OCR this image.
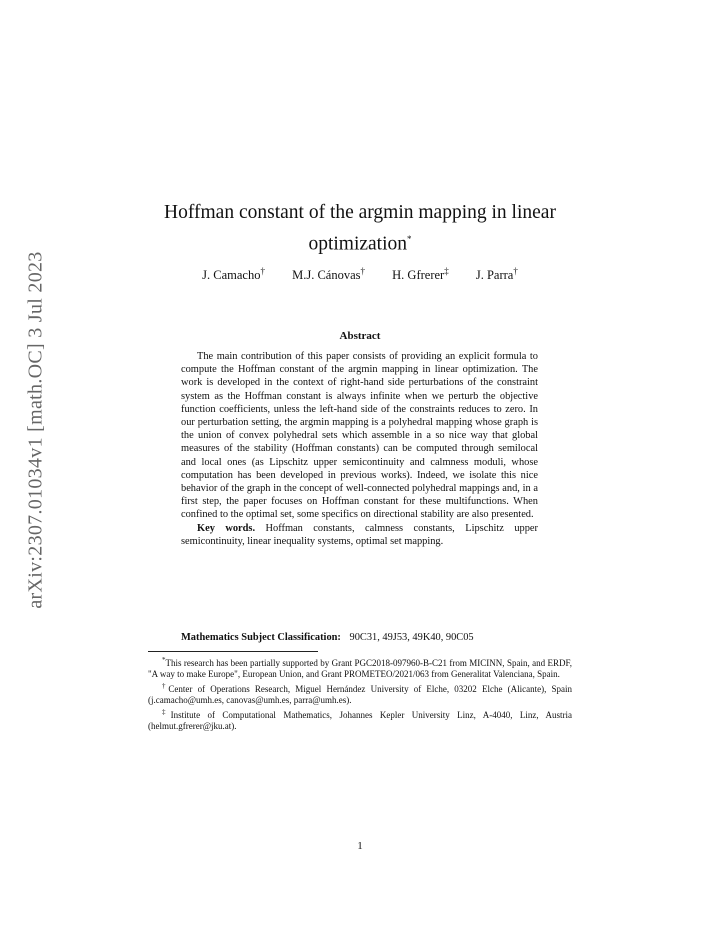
arXiv:2307.01034v1 [math.OC] 3 Jul 2023
Hoffman constant of the argmin mapping in linear
optimization*
J. Camacho† M.J. Cánovas† H. Gfrerer‡ J. Parra†
Abstract

The main contribution of this paper consists of providing an explicit formula to compute the Hoffman constant of the argmin mapping in linear optimization. The work is developed in the context of right-hand side perturbations of the constraint system as the Hoffman constant is always infinite when we perturb the objective function coefficients, unless the left-hand side of the constraints reduces to zero. In our perturbation setting, the argmin mapping is a polyhedral mapping whose graph is the union of convex polyhedral sets which assemble in a so nice way that global measures of the stability (Hoffman constants) can be computed through semilocal and local ones (as Lipschitz upper semicontinuity and calmness moduli, whose computation has been developed in previous works). Indeed, we isolate this nice behavior of the graph in the concept of well-connected polyhedral mappings and, in a first step, the paper focuses on Hoffman constant for these multifunctions. When confined to the optimal set, some specifics on directional stability are also presented.

Key words. Hoffman constants, calmness constants, Lipschitz upper semicontinuity, linear inequality systems, optimal set mapping.

Mathematics Subject Classification: 90C31, 49J53, 49K40, 90C05

*This research has been partially supported by Grant PGC2018-097960-B-C21 from MICINN, Spain, and ERDF, "A way to make Europe", European Union, and Grant PROMETEO/2021/063 from Generalitat Valenciana, Spain.

†Center of Operations Research, Miguel Hernández University of Elche, 03202 Elche (Alicante), Spain (j.camacho@umh.es, canovas@umh.es, parra@umh.es).

‡Institute of Computational Mathematics, Johannes Kepler University Linz, A-4040, Linz, Austria (helmut.gfrerer@jku.at).

1
